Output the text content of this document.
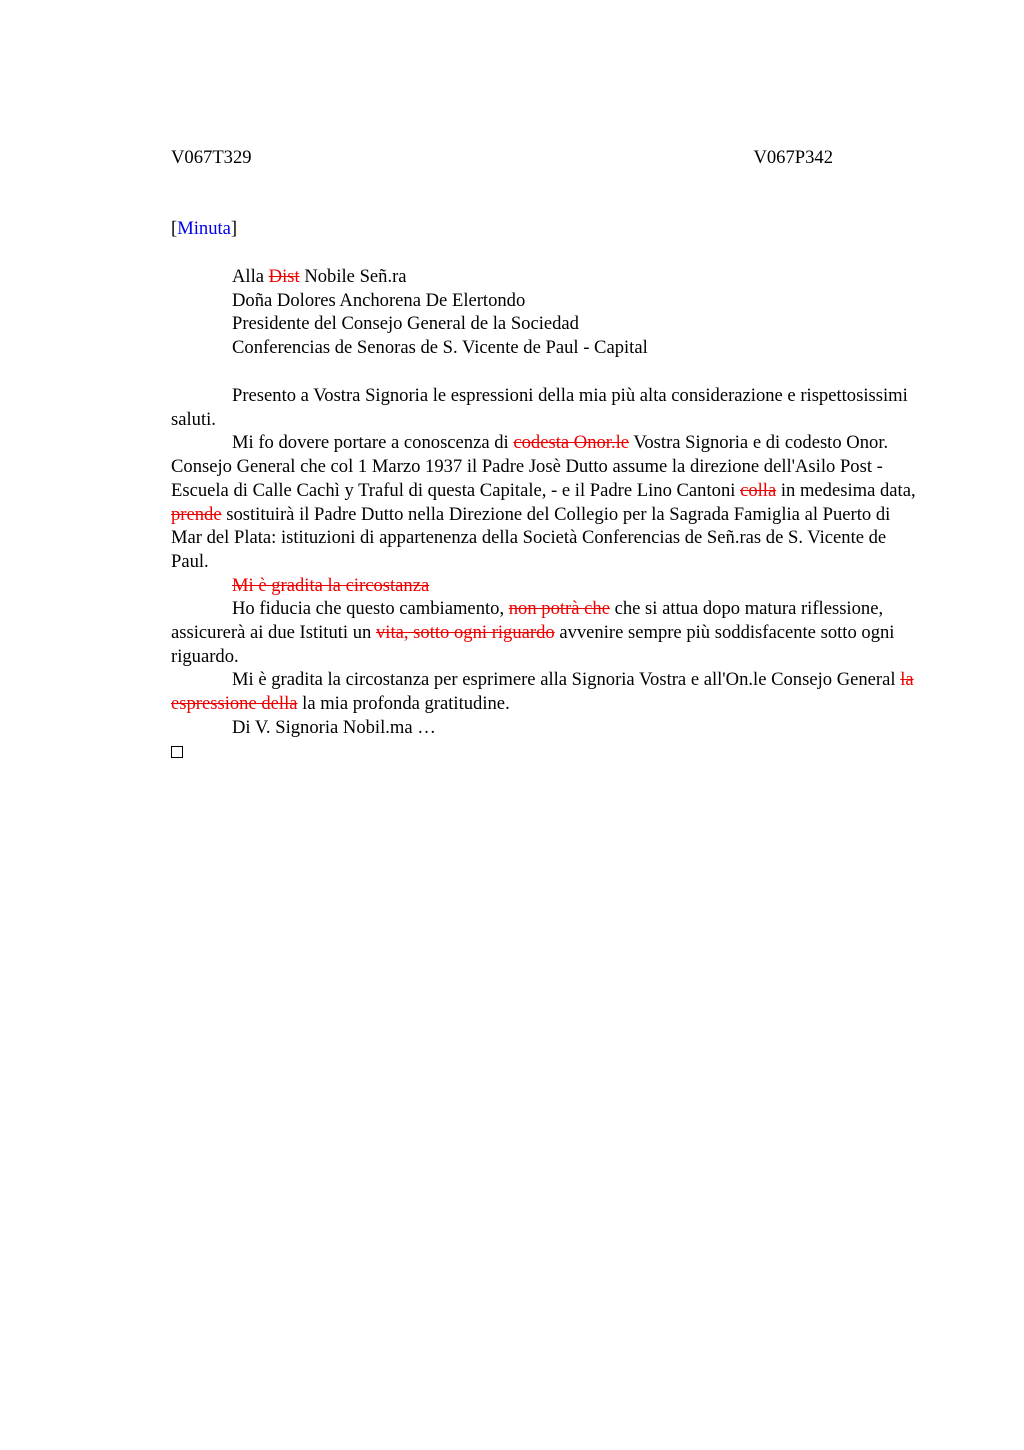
V067T329	V067P342
[Minuta]
Alla Dist Nobile Señ.ra
Doña Dolores Anchorena De Elertondo
Presidente del Consejo General de la Sociedad
Conferencias de Senoras de S. Vicente de Paul - Capital

Presento a Vostra Signoria le espressioni della mia più alta considerazione e rispettosissimi saluti.

Mi fo dovere portare a conoscenza di codesta Onor.le Vostra Signoria e di codesto Onor. Consejo General che col 1 Marzo 1937 il Padre Josè Dutto assume la direzione dell'Asilo Post - Escuela di Calle Cachì y Traful di questa Capitale, - e il Padre Lino Cantoni colla in medesima data, prende sostituirà il Padre Dutto nella Direzione del Collegio per la Sagrada Famiglia al Puerto di Mar del Plata: istituzioni di appartenenza della Società Conferencias de Señ.ras de S. Vicente de Paul.

Mi è gradita la circostanza

Ho fiducia che questo cambiamento, non potrà che che si attua dopo matura riflessione, assicurerà ai due Istituti un vita, sotto ogni riguardo avvenire sempre più soddisfacente sotto ogni riguardo.

Mi è gradita la circostanza per esprimere alla Signoria Vostra e all'On.le Consejo General la espressione della la mia profonda gratitudine.

Di V. Signoria Nobil.ma …
